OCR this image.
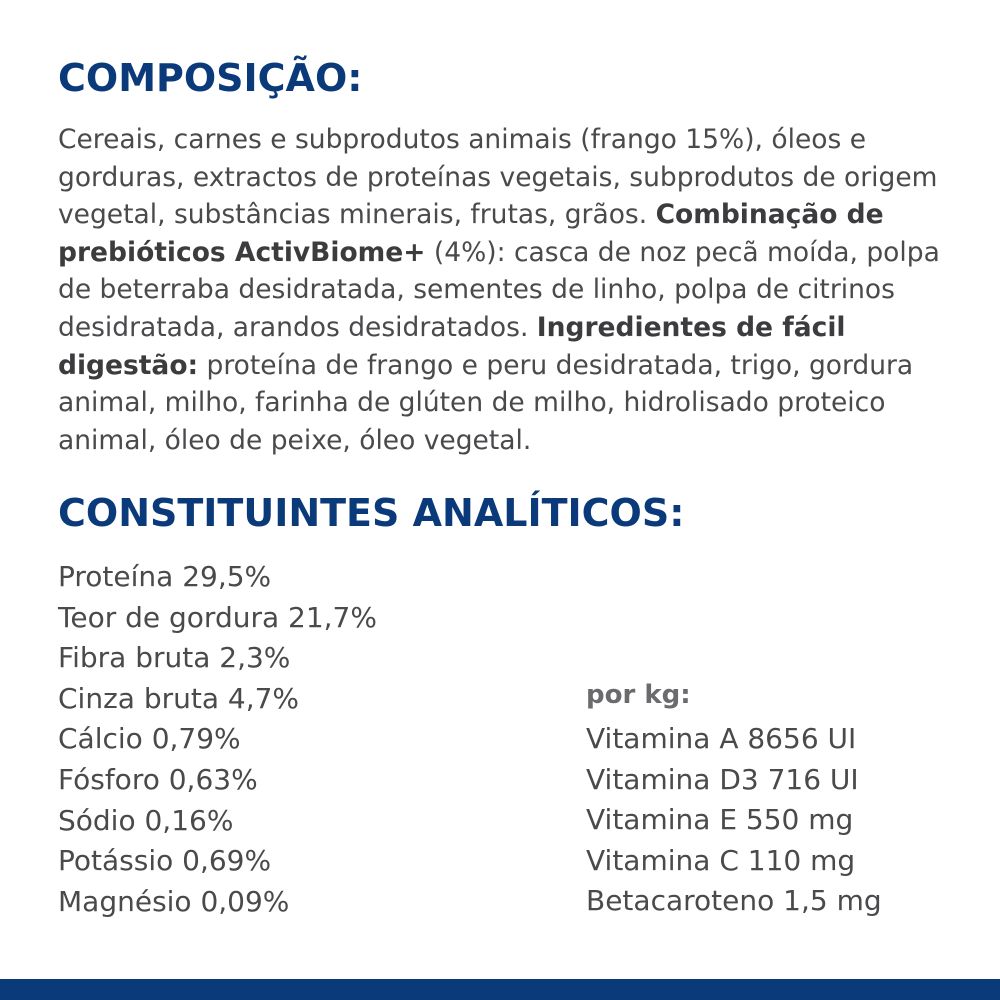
COMPOSIÇÃO:

Cereais, carnes e subprodutos animais (frango 15%), óleos e gorduras, extractos de proteínas vegetais, subprodutos de origem vegetal, substâncias minerais, frutas, grãos. Combinação de prebióticos ActivBiome+ (4%): casca de noz pecã moída, polpa de beterraba desidratada, sementes de linho, polpa de citrinos desidratada, arandos desidratados. Ingredientes de fácil digestão: proteína de frango e peru desidratada, trigo, gordura animal, milho, farinha de glúten de milho, hidrolisado proteico animal, óleo de peixe, óleo vegetal.

CONSTITUINTES ANALÍTICOS:
Proteína 29,5%
Teor de gordura 21,7%
Fibra bruta 2,3%
Cinza bruta 4,7%
Cálcio 0,79%
Fósforo 0,63%
Sódio 0,16%
Potássio 0,69%
Magnésio 0,09%

por kg:

Vitamina A 8656 UI
Vitamina D3 716 UI
Vitamina E 550 mg
Vitamina C 110 mg
Betacaroteno 1,5 mg
